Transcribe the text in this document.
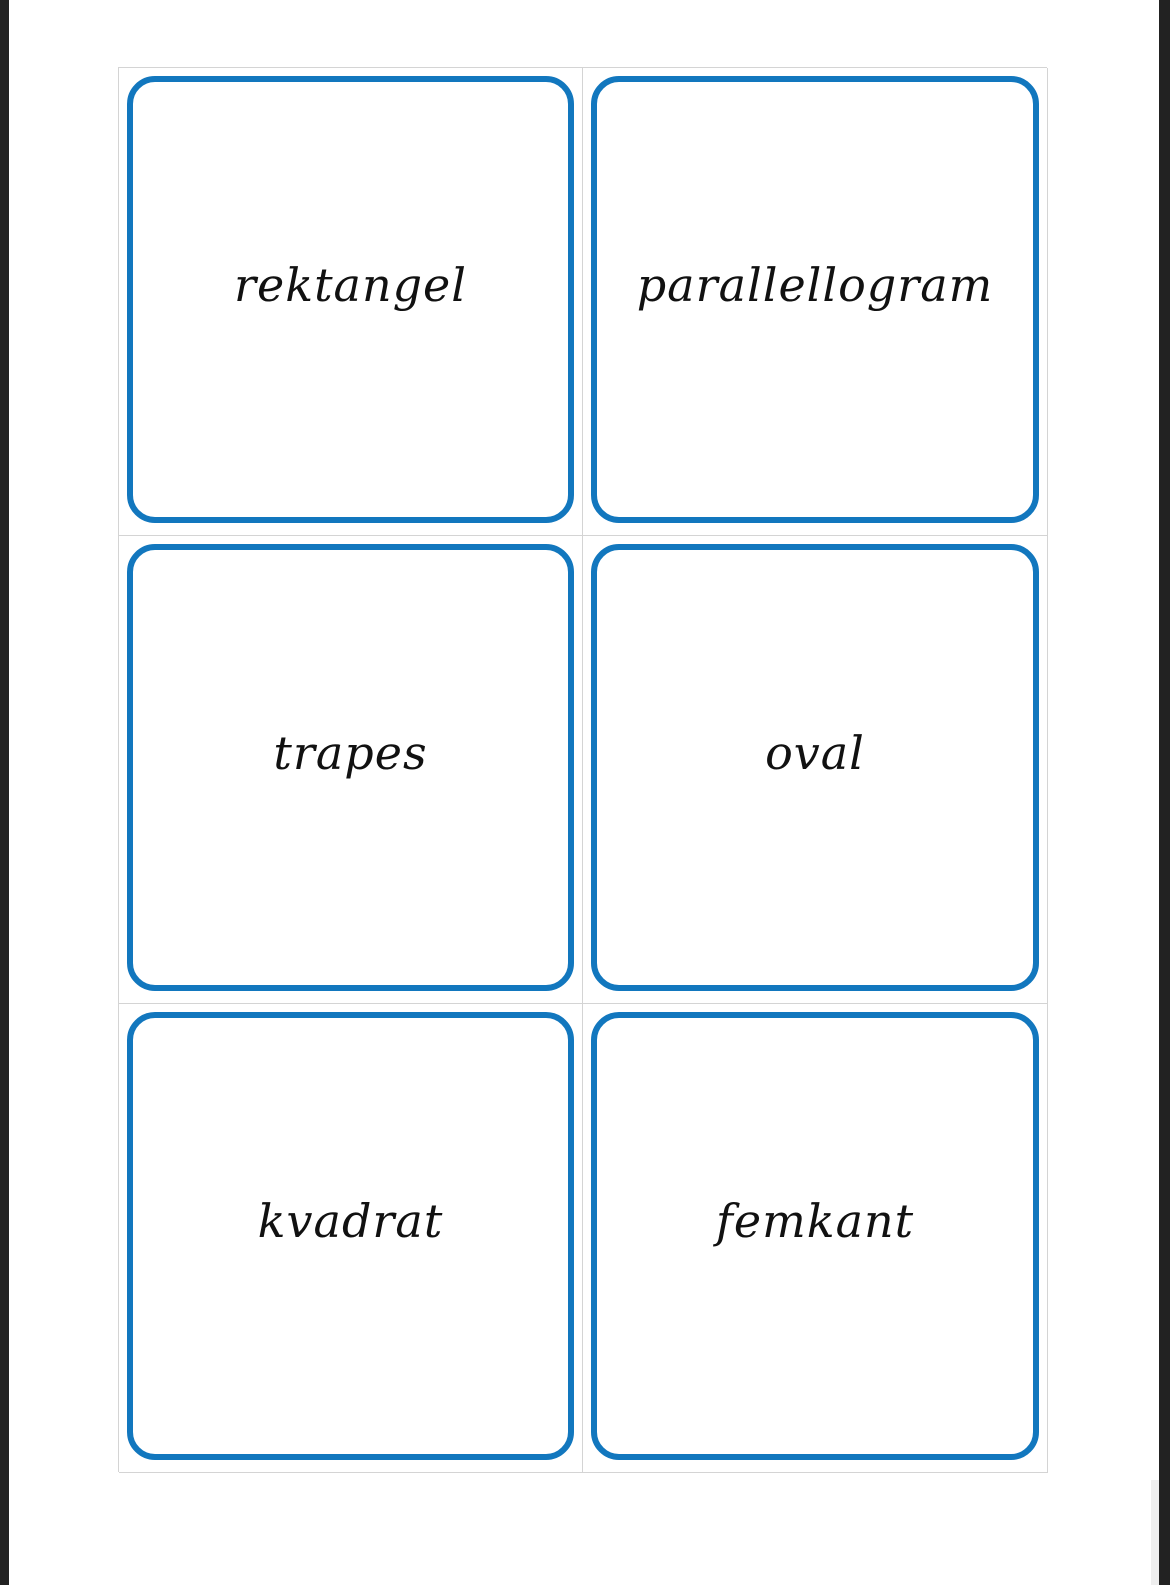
rektangel	parallellogram
trapes	oval
kvadrat	femkant
